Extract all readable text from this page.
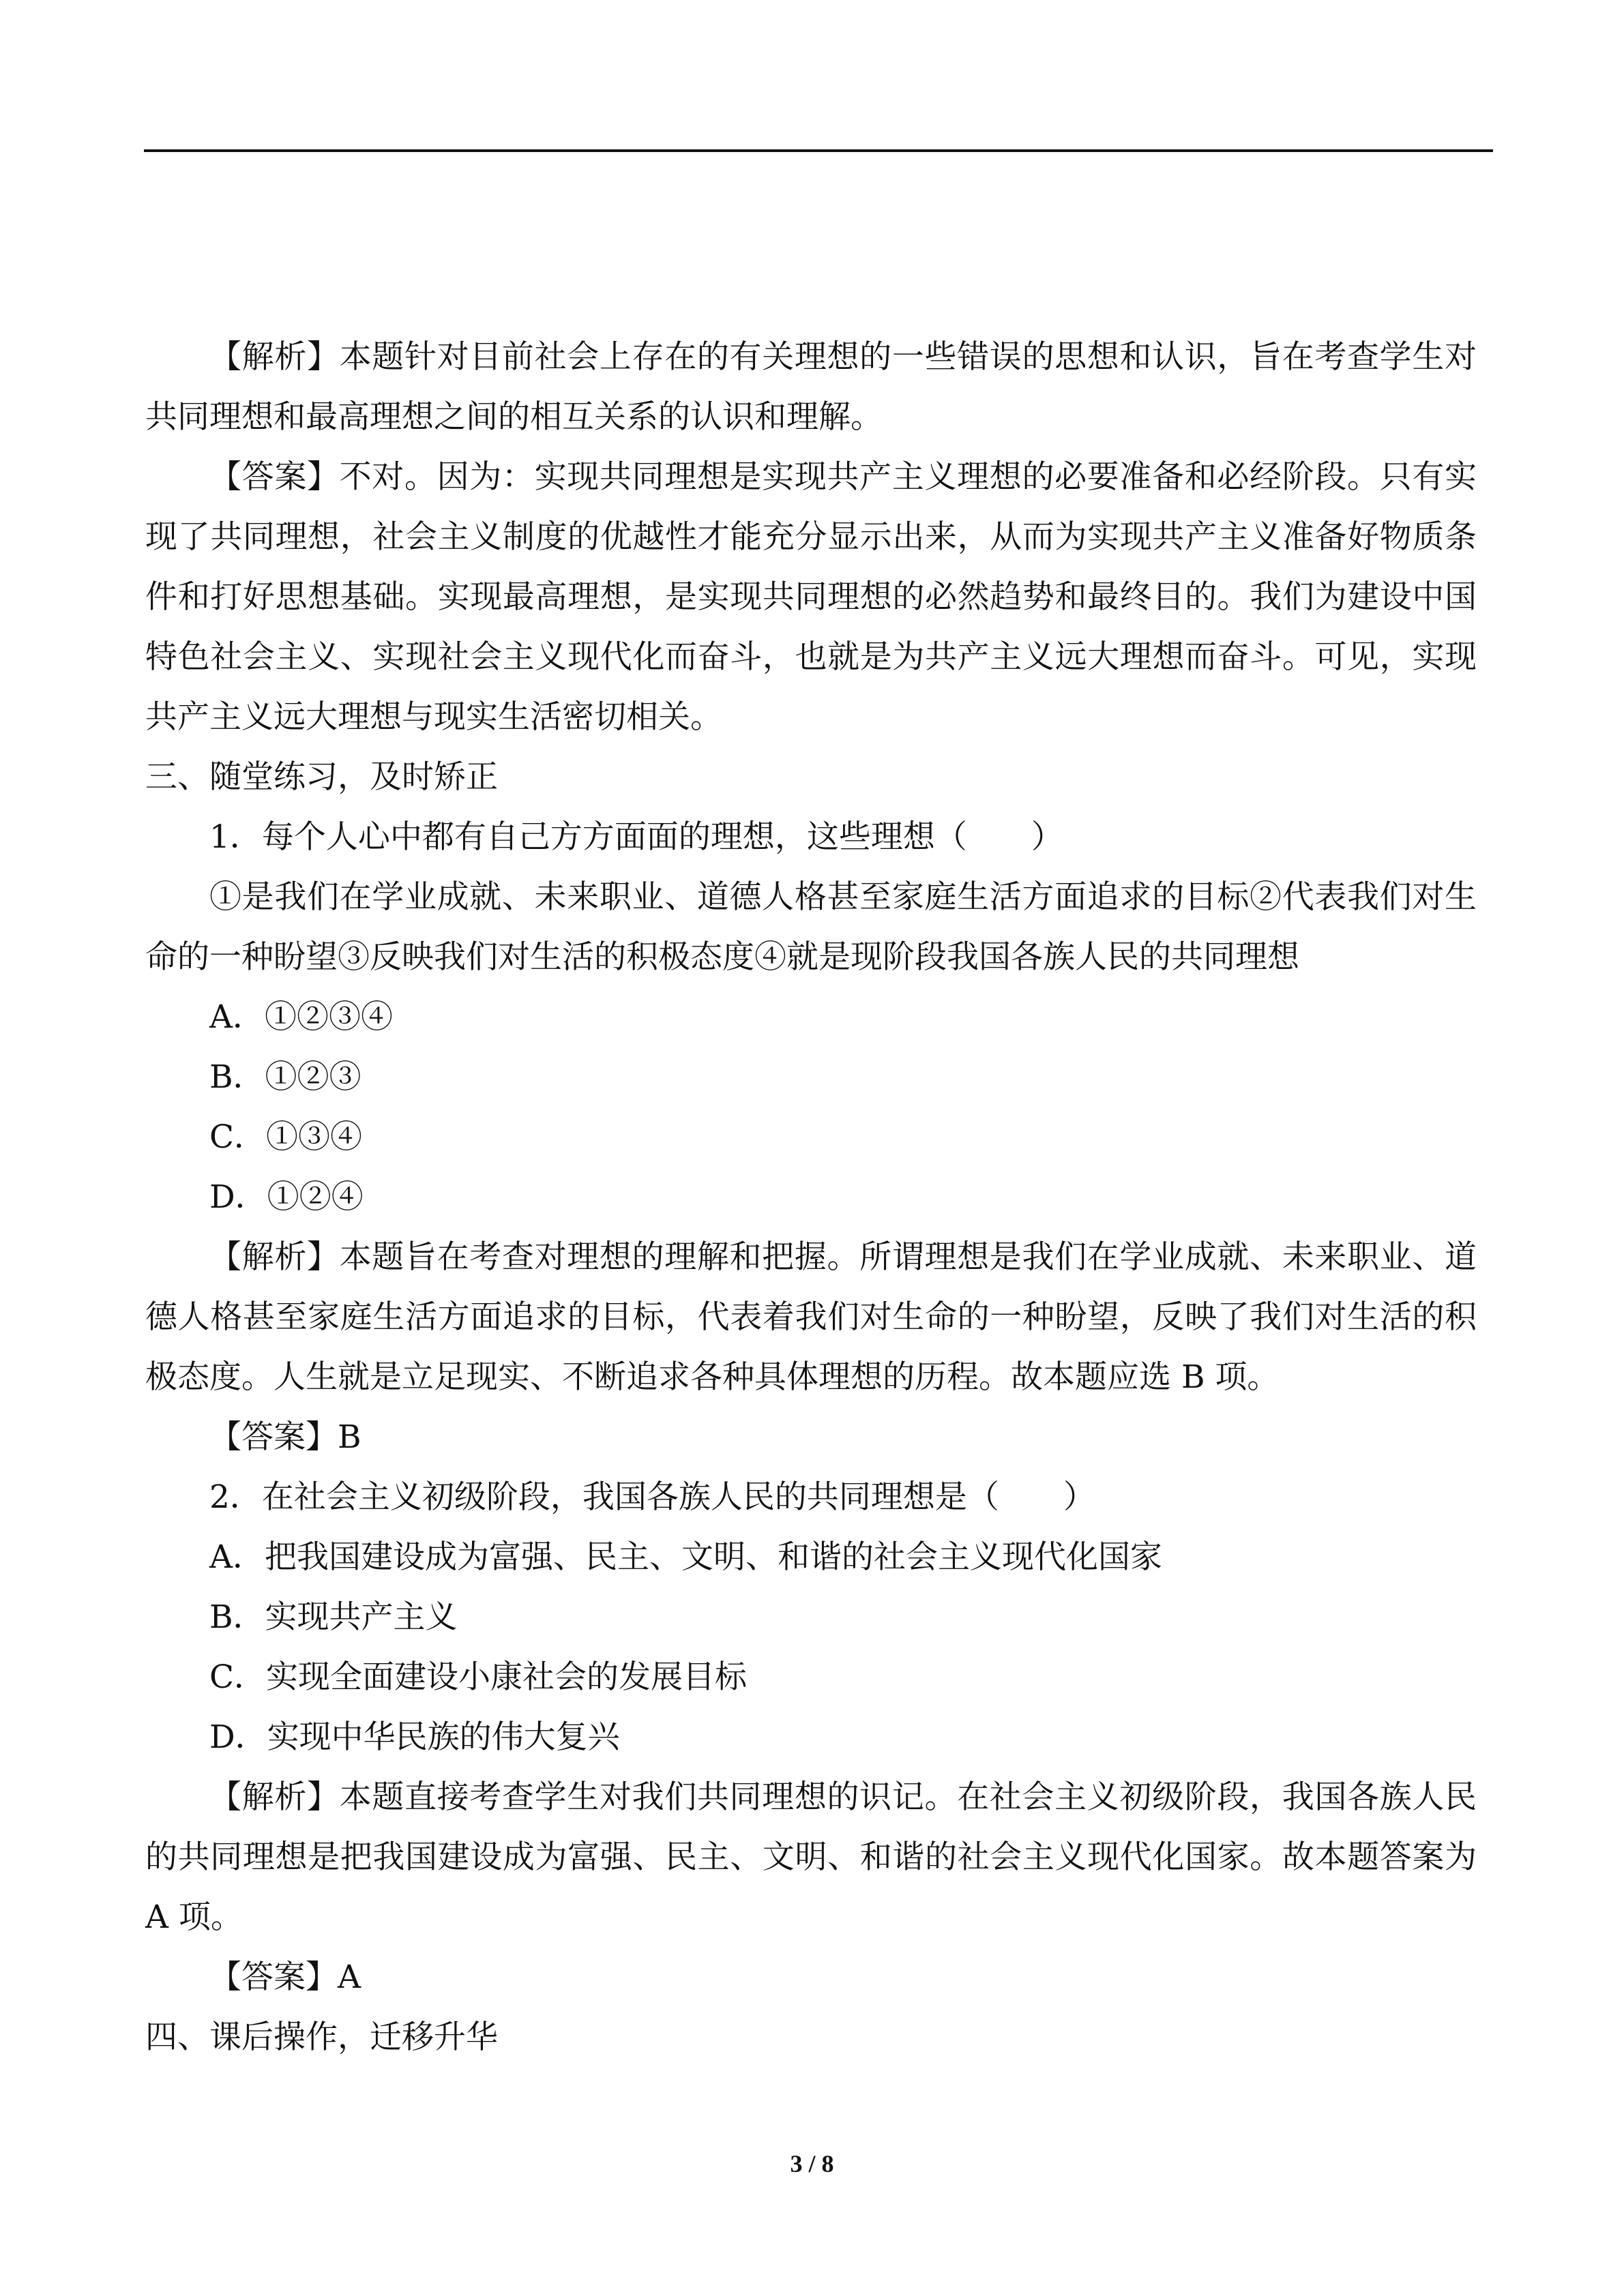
【解析】本题针对目前社会上存在的有关理想的一些错误的思想和认识，旨在考查学生对共同理想和最高理想之间的相互关系的认识和理解。

【答案】不对。因为：实现共同理想是实现共产主义理想的必要准备和必经阶段。只有实现了共同理想，社会主义制度的优越性才能充分显示出来，从而为实现共产主义准备好物质条件和打好思想基础。实现最高理想，是实现共同理想的必然趋势和最终目的。我们为建设中国特色社会主义、实现社会主义现代化而奋斗，也就是为共产主义远大理想而奋斗。可见，实现共产主义远大理想与现实生活密切相关。

三、随堂练习，及时矫正

1．每个人心中都有自己方方面面的理想，这些理想（　　）

①是我们在学业成就、未来职业、道德人格甚至家庭生活方面追求的目标②代表我们对生命的一种盼望③反映我们对生活的积极态度④就是现阶段我国各族人民的共同理想

A．①②③④

B．①②③

C．①③④

D．①②④

【解析】本题旨在考查对理想的理解和把握。所谓理想是我们在学业成就、未来职业、道德人格甚至家庭生活方面追求的目标，代表着我们对生命的一种盼望，反映了我们对生活的积极态度。人生就是立足现实、不断追求各种具体理想的历程。故本题应选 B 项。

【答案】B

2．在社会主义初级阶段，我国各族人民的共同理想是（　　）

A．把我国建设成为富强、民主、文明、和谐的社会主义现代化国家

B．实现共产主义

C．实现全面建设小康社会的发展目标

D．实现中华民族的伟大复兴

【解析】本题直接考查学生对我们共同理想的识记。在社会主义初级阶段，我国各族人民的共同理想是把我国建设成为富强、民主、文明、和谐的社会主义现代化国家。故本题答案为 A 项。

【答案】A

四、课后操作，迁移升华

3 / 8
